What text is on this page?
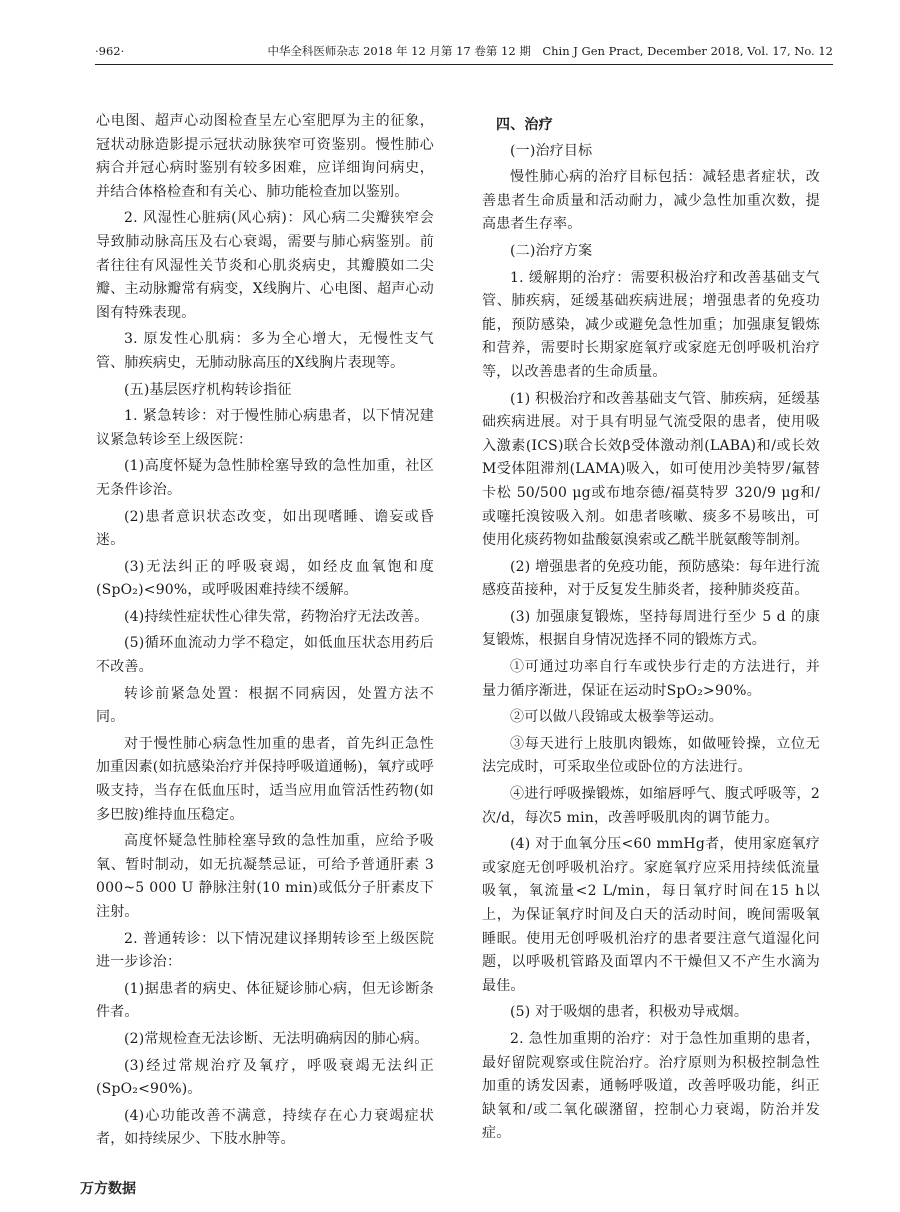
·962·	中华全科医师杂志 2018 年 12 月第 17 卷第 12 期　Chin J Gen Pract, December 2018, Vol. 17, No. 12

心电图、超声心动图检查呈左心室肥厚为主的征象，冠状动脉造影提示冠状动脉狭窄可资鉴别。慢性肺心病合并冠心病时鉴别有较多困难，应详细询问病史，并结合体格检查和有关心、肺功能检查加以鉴别。

2. 风湿性心脏病(风心病)：风心病二尖瓣狭窄会导致肺动脉高压及右心衰竭，需要与肺心病鉴别。前者往往有风湿性关节炎和心肌炎病史，其瓣膜如二尖瓣、主动脉瓣常有病变，X线胸片、心电图、超声心动图有特殊表现。

3. 原发性心肌病：多为全心增大，无慢性支气管、肺疾病史，无肺动脉高压的X线胸片表现等。

(五)基层医疗机构转诊指征

1. 紧急转诊：对于慢性肺心病患者，以下情况建议紧急转诊至上级医院：

(1)高度怀疑为急性肺栓塞导致的急性加重，社区无条件诊治。

(2)患者意识状态改变，如出现嗜睡、谵妄或昏迷。

(3)无法纠正的呼吸衰竭，如经皮血氧饱和度(SpO₂)<90%，或呼吸困难持续不缓解。

(4)持续性症状性心律失常，药物治疗无法改善。

(5)循环血流动力学不稳定，如低血压状态用药后不改善。

转诊前紧急处置：根据不同病因，处置方法不同。

对于慢性肺心病急性加重的患者，首先纠正急性加重因素(如抗感染治疗并保持呼吸道通畅)，氧疗或呼吸支持，当存在低血压时，适当应用血管活性药物(如多巴胺)维持血压稳定。

高度怀疑急性肺栓塞导致的急性加重，应给予吸氧、暂时制动，如无抗凝禁忌证，可给予普通肝素 3 000~5 000 U 静脉注射(10 min)或低分子肝素皮下注射。

2. 普通转诊：以下情况建议择期转诊至上级医院进一步诊治：

(1)据患者的病史、体征疑诊肺心病，但无诊断条件者。

(2)常规检查无法诊断、无法明确病因的肺心病。

(3)经过常规治疗及氧疗，呼吸衰竭无法纠正(SpO₂<90%)。

(4)心功能改善不满意，持续存在心力衰竭症状者，如持续尿少、下肢水肿等。

四、治疗

(一)治疗目标

慢性肺心病的治疗目标包括：减轻患者症状，改善患者生命质量和活动耐力，减少急性加重次数，提高患者生存率。

(二)治疗方案

1. 缓解期的治疗：需要积极治疗和改善基础支气管、肺疾病，延缓基础疾病进展；增强患者的免疫功能，预防感染，减少或避免急性加重；加强康复锻炼和营养，需要时长期家庭氧疗或家庭无创呼吸机治疗等，以改善患者的生命质量。

(1) 积极治疗和改善基础支气管、肺疾病，延缓基础疾病进展。对于具有明显气流受限的患者，使用吸入激素(ICS)联合长效β受体激动剂(LABA)和/或长效M受体阻滞剂(LAMA)吸入，如可使用沙美特罗/氟替卡松 50/500 μg或布地奈德/福莫特罗 320/9 μg和/或噻托溴铵吸入剂。如患者咳嗽、痰多不易咳出，可使用化痰药物如盐酸氨溴索或乙酰半胱氨酸等制剂。

(2) 增强患者的免疫功能，预防感染：每年进行流感疫苗接种，对于反复发生肺炎者，接种肺炎疫苗。

(3) 加强康复锻炼，坚持每周进行至少 5 d 的康复锻炼，根据自身情况选择不同的锻炼方式。

①可通过功率自行车或快步行走的方法进行，并量力循序渐进，保证在运动时SpO₂>90%。

②可以做八段锦或太极拳等运动。

③每天进行上肢肌肉锻炼，如做哑铃操，立位无法完成时，可采取坐位或卧位的方法进行。

④进行呼吸操锻炼，如缩唇呼气、腹式呼吸等，2次/d，每次5 min，改善呼吸肌肉的调节能力。

(4) 对于血氧分压<60 mmHg者，使用家庭氧疗或家庭无创呼吸机治疗。家庭氧疗应采用持续低流量吸氧，氧流量<2 L/min，每日氧疗时间在15 h以上，为保证氧疗时间及白天的活动时间，晚间需吸氧睡眠。使用无创呼吸机治疗的患者要注意气道湿化问题，以呼吸机管路及面罩内不干燥但又不产生水滴为最佳。

(5) 对于吸烟的患者，积极劝导戒烟。

2. 急性加重期的治疗：对于急性加重期的患者，最好留院观察或住院治疗。治疗原则为积极控制急性加重的诱发因素，通畅呼吸道，改善呼吸功能，纠正缺氧和/或二氧化碳潴留，控制心力衰竭，防治并发症。

万方数据
